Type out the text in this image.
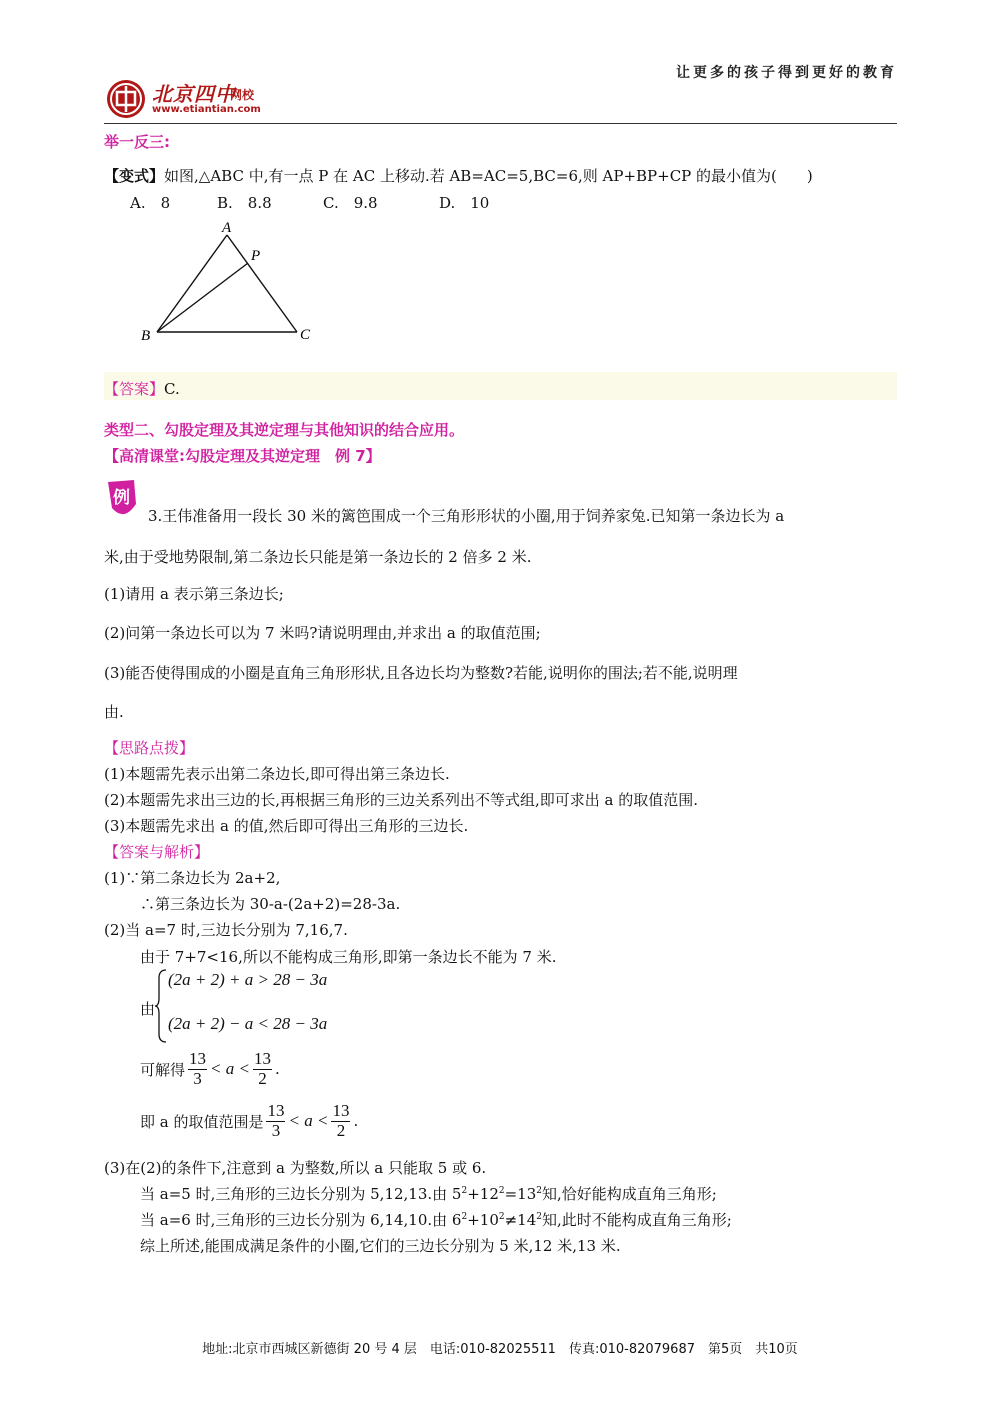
让更多的孩子得到更好的教育
北京四中
网校
www.etiantian.com
举一反三:
【变式】如图,△ABC 中,有一点 P 在 AC 上移动.若 AB=AC=5,BC=6,则 AP+BP+CP 的最小值为(　　)
A.　8	B.　8.8	C.　9.8	D.　10
A
P
B	C
【答案】C.
类型二、勾股定理及其逆定理与其他知识的结合应用。
【高清课堂:勾股定理及其逆定理　例 7】
例
3.王伟准备用一段长 30 米的篱笆围成一个三角形形状的小圈,用于饲养家兔.已知第一条边长为 a
米,由于受地势限制,第二条边长只能是第一条边长的 2 倍多 2 米.
(1)请用 a 表示第三条边长;
(2)问第一条边长可以为 7 米吗?请说明理由,并求出 a 的取值范围;
(3)能否使得围成的小圈是直角三角形形状,且各边长均为整数?若能,说明你的围法;若不能,说明理
由.
【思路点拨】
(1)本题需先表示出第二条边长,即可得出第三条边长.
(2)本题需先求出三边的长,再根据三角形的三边关系列出不等式组,即可求出 a 的取值范围.
(3)本题需先求出 a 的值,然后即可得出三角形的三边长.
【答案与解析】
(1)∵第二条边长为 2a+2,
∴第三条边长为 30-a-(2a+2)=28-3a.
(2)当 a=7 时,三边长分别为 7,16,7.
由于 7+7<16,所以不能构成三角形,即第一条边长不能为 7 米.
由
(2a + 2) + a > 28 − 3a
(2a + 2) − a < 28 − 3a
可解得 $\frac{13}{3} < a < \frac{13}{2}$ .
即 a 的取值范围是 $\frac{13}{3} < a < \frac{13}{2}$ .
(3)在(2)的条件下,注意到 a 为整数,所以 a 只能取 5 或 6.
当 a=5 时,三角形的三边长分别为 5,12,13.由 $5^2+12^2=13^2$知,恰好能构成直角三角形;
当 a=6 时,三角形的三边长分别为 6,14,10.由 $6^2+10^2\ne 14^2$知,此时不能构成直角三角形;
综上所述,能围成满足条件的小圈,它们的三边长分别为 5 米,12 米,13 米.
地址:北京市西城区新德街 20 号 4 层　电话:010-82025511　传真:010-82079687　第5页　共10页
